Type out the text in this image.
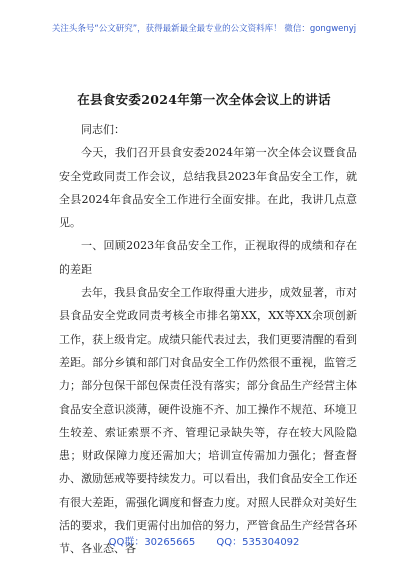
关注头条号“公文研究”，获得最新最全最专业的公文资料库！ 微信：gongwenyj
在县食安委2024年第一次全体会议上的讲话

同志们：

今天，我们召开县食安委2024年第一次全体会议暨食品安全党政同责工作会议，总结我县2023年食品安全工作，就全县2024年食品安全工作进行全面安排。在此，我讲几点意见。

一、回顾2023年食品安全工作，正视取得的成绩和存在的差距

去年，我县食品安全工作取得重大进步，成效显著，市对县食品安全党政同责考核全市排名第XX，XX等XX余项创新工作，获上级肯定。成绩只能代表过去，我们更要清醒的看到差距。部分乡镇和部门对食品安全工作仍然很不重视，监管乏力；部分包保干部包保责任没有落实；部分食品生产经营主体食品安全意识淡薄，硬件设施不齐、加工操作不规范、环境卫生较差、索证索票不齐、管理记录缺失等，存在较大风险隐患；财政保障力度还需加大；培训宣传需加力强化；督查督办、激励惩戒等要持续发力。可以看出，我们食品安全工作还有很大差距，需强化调度和督查力度。对照人民群众对美好生活的要求，我们更需付出加倍的努力，严管食品生产经营各环节、各业态、各

QQ群：30265665 QQ：535304092
